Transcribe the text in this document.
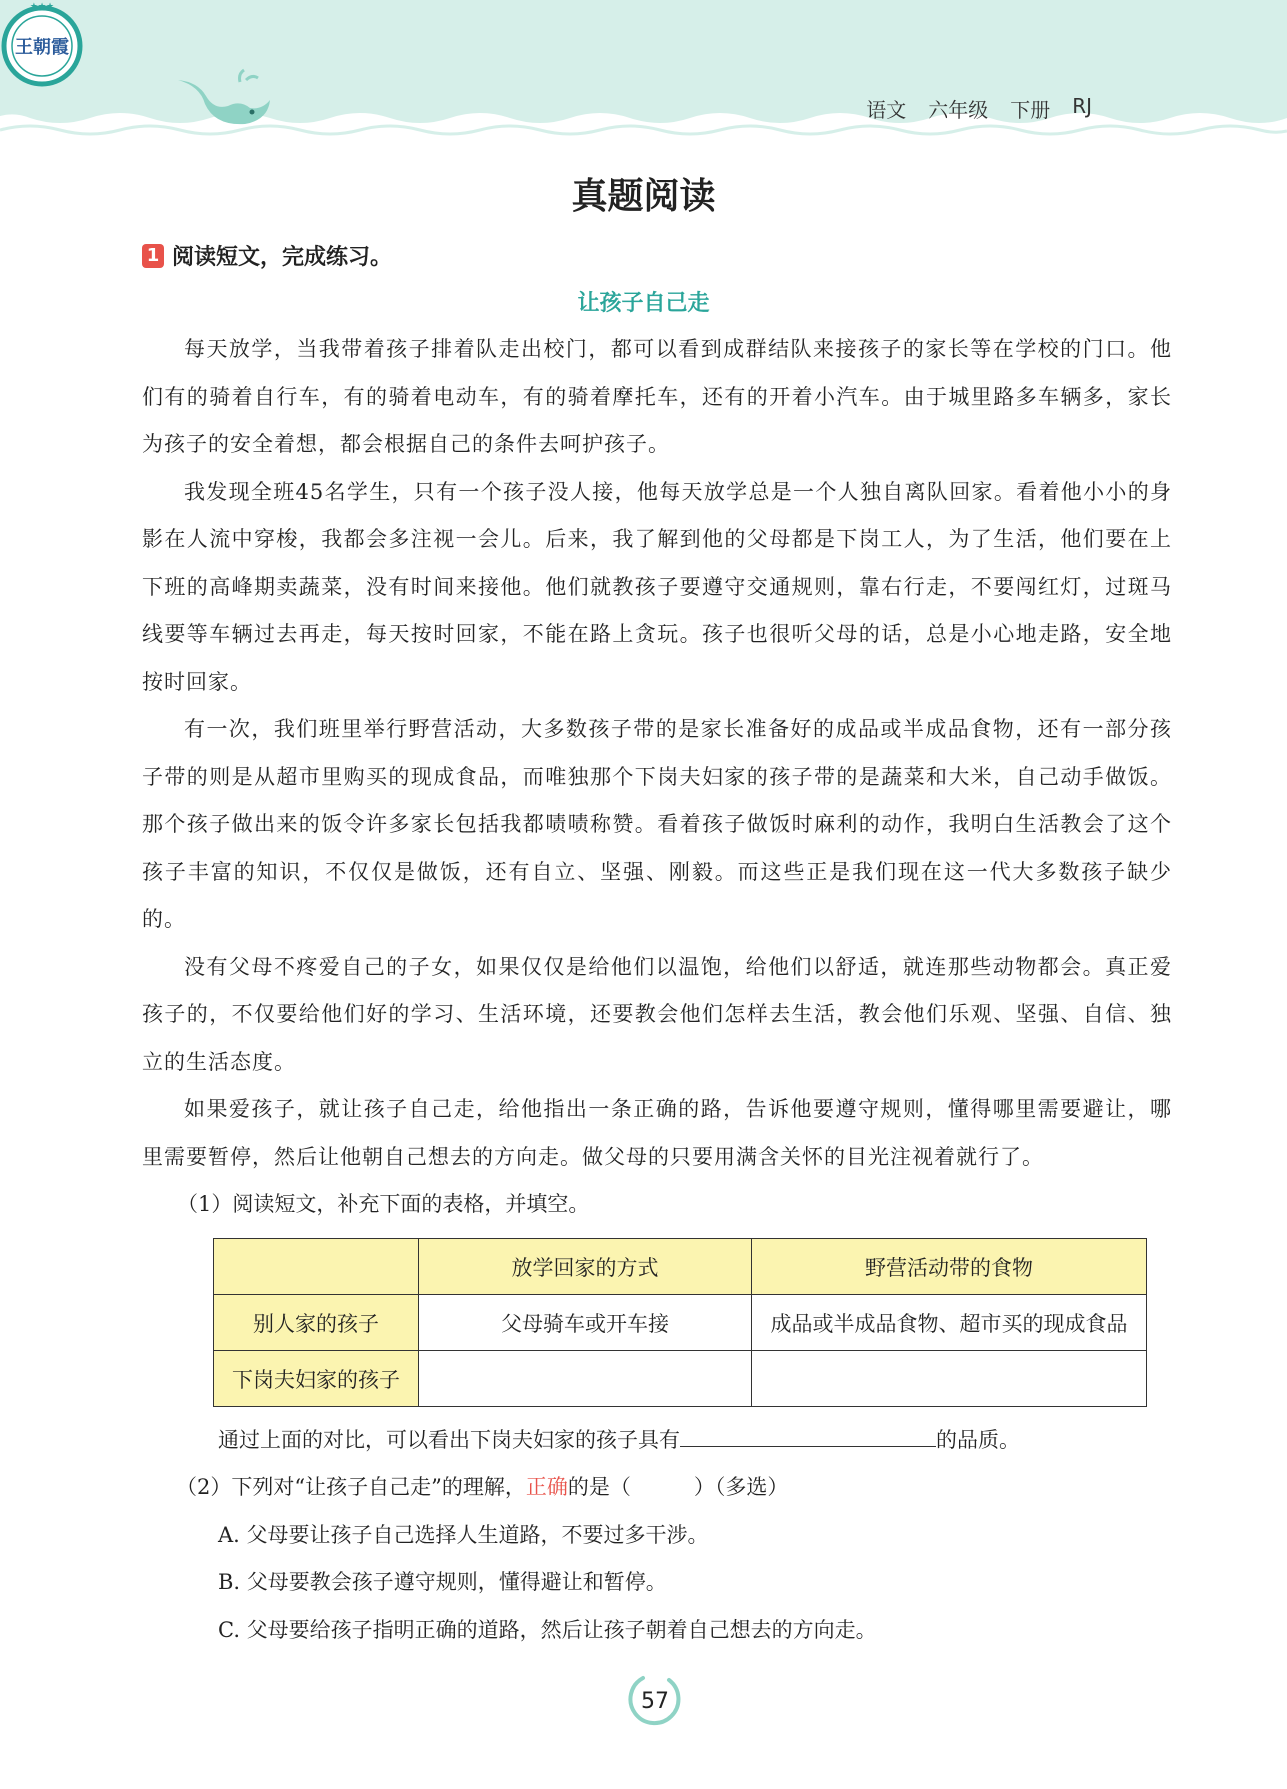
语文 六年级 下册 RJ
★★★
王朝霞
真题阅读
1 阅读短文，完成练习。
让孩子自己走

每天放学，当我带着孩子排着队走出校门，都可以看到成群结队来接孩子的家长等在学校的门口。他们有的骑着自行车，有的骑着电动车，有的骑着摩托车，还有的开着小汽车。由于城里路多车辆多，家长为孩子的安全着想，都会根据自己的条件去呵护孩子。

我发现全班45名学生，只有一个孩子没人接，他每天放学总是一个人独自离队回家。看着他小小的身影在人流中穿梭，我都会多注视一会儿。后来，我了解到他的父母都是下岗工人，为了生活，他们要在上下班的高峰期卖蔬菜，没有时间来接他。他们就教孩子要遵守交通规则，靠右行走，不要闯红灯，过斑马线要等车辆过去再走，每天按时回家，不能在路上贪玩。孩子也很听父母的话，总是小心地走路，安全地按时回家。

有一次，我们班里举行野营活动，大多数孩子带的是家长准备好的成品或半成品食物，还有一部分孩子带的则是从超市里购买的现成食品，而唯独那个下岗夫妇家的孩子带的是蔬菜和大米，自己动手做饭。那个孩子做出来的饭令许多家长包括我都啧啧称赞。看着孩子做饭时麻利的动作，我明白生活教会了这个孩子丰富的知识，不仅仅是做饭，还有自立、坚强、刚毅。而这些正是我们现在这一代大多数孩子缺少的。

没有父母不疼爱自己的子女，如果仅仅是给他们以温饱，给他们以舒适，就连那些动物都会。真正爱孩子的，不仅要给他们好的学习、生活环境，还要教会他们怎样去生活，教会他们乐观、坚强、自信、独立的生活态度。

如果爱孩子，就让孩子自己走，给他指出一条正确的路，告诉他要遵守规则，懂得哪里需要避让，哪里需要暂停，然后让他朝自己想去的方向走。做父母的只要用满含关怀的目光注视着就行了。

（1）阅读短文，补充下面的表格，并填空。

	放学回家的方式	野营活动带的食物
别人家的孩子	父母骑车或开车接	成品或半成品食物、超市买的现成食品
下岗夫妇家的孩子		
通过上面的对比，可以看出下岗夫妇家的孩子具有	的品质。

（2）下列对“让孩子自己走”的理解，正确的是（　　　）（多选）

A. 父母要让孩子自己选择人生道路，不要过多干涉。

B. 父母要教会孩子遵守规则，懂得避让和暂停。

C. 父母要给孩子指明正确的道路，然后让孩子朝着自己想去的方向走。

57
